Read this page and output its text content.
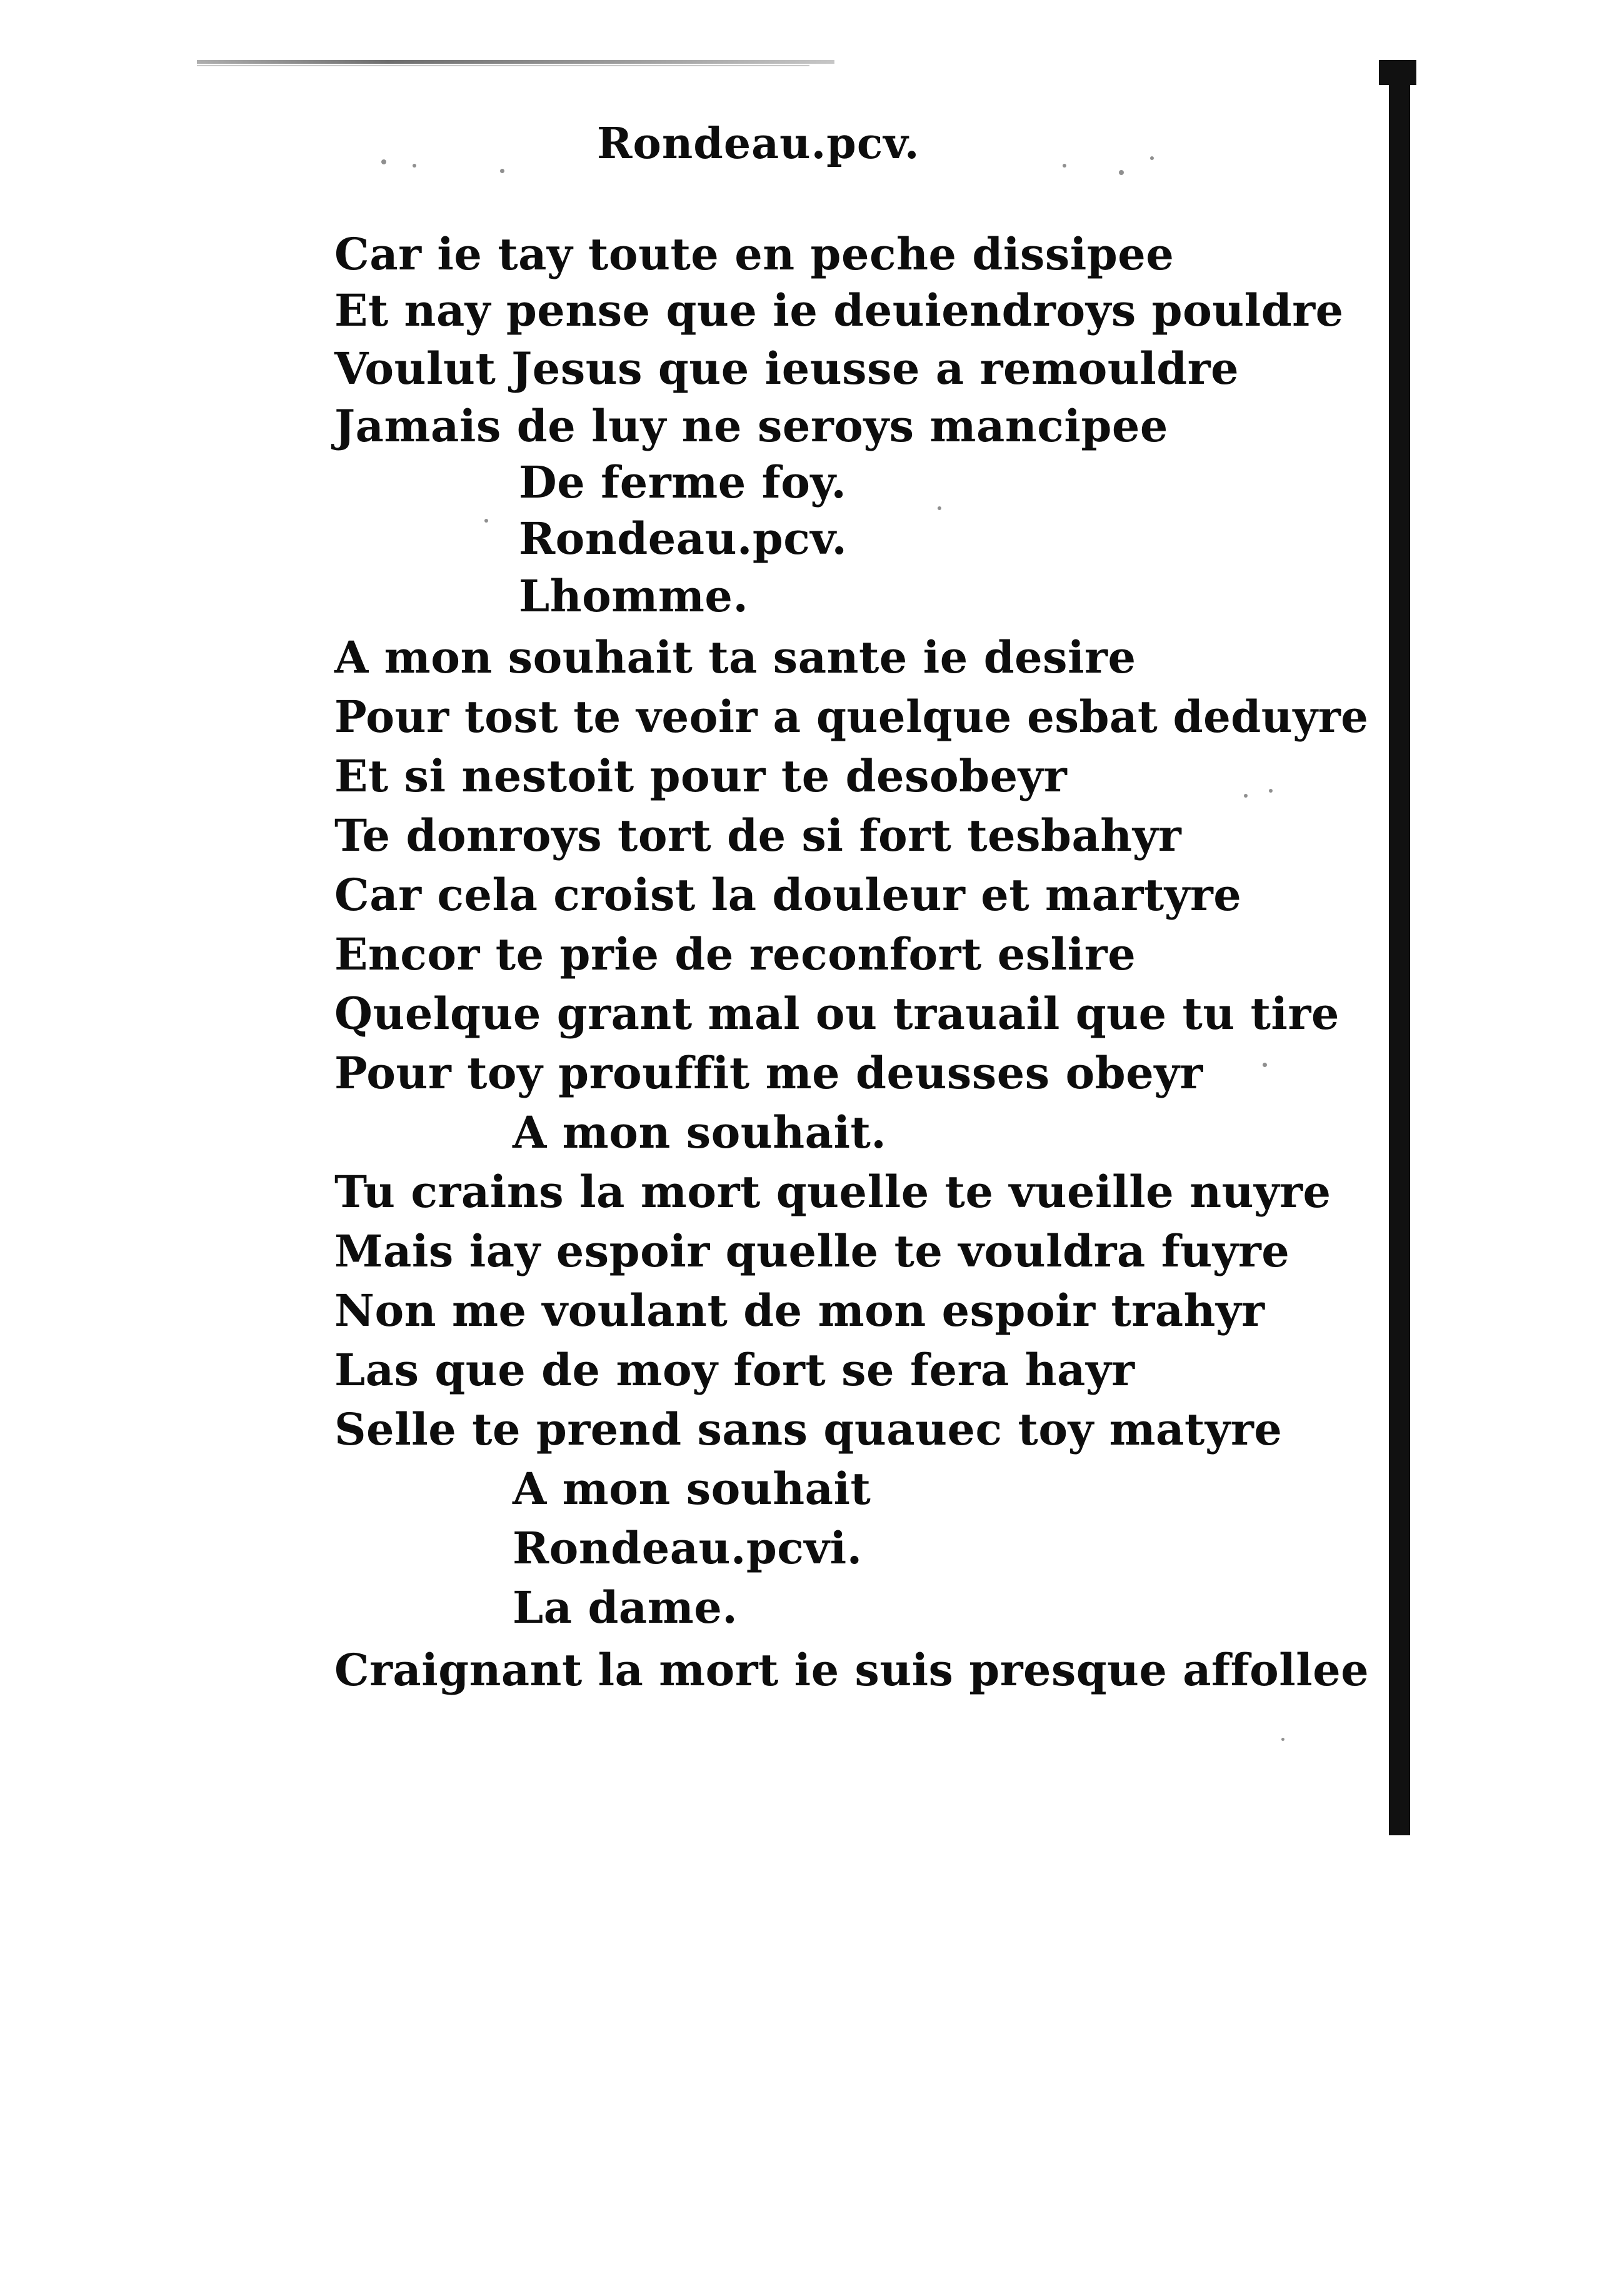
Rondeau.pcv.
Car ie tay toute en peche dissipee
Et nay pense que ie deuiendroys pouldre
Voulut Jesus que ieusse a remouldre
Jamais de luy ne seroys mancipee
De ferme foy.
Rondeau.pcv.
Lhomme.
A mon souhait ta sante ie desire
Pour tost te veoir a quelque esbat deduyre
Et si nestoit pour te desobeyr
Te donroys tort de si fort tesbahyr
Car cela croist la douleur et martyre
Encor te prie de reconfort eslire
Quelque grant mal ou trauail que tu tire
Pour toy prouffit me deusses obeyr
A mon souhait.
Tu crains la mort quelle te vueille nuyre
Mais iay espoir quelle te vouldra fuyre
Non me voulant de mon espoir trahyr
Las que de moy fort se fera hayr
Selle te prend sans quauec toy matyre
A mon souhait
Rondeau.pcvi.
La dame.
Craignant la mort ie suis presque affollee
